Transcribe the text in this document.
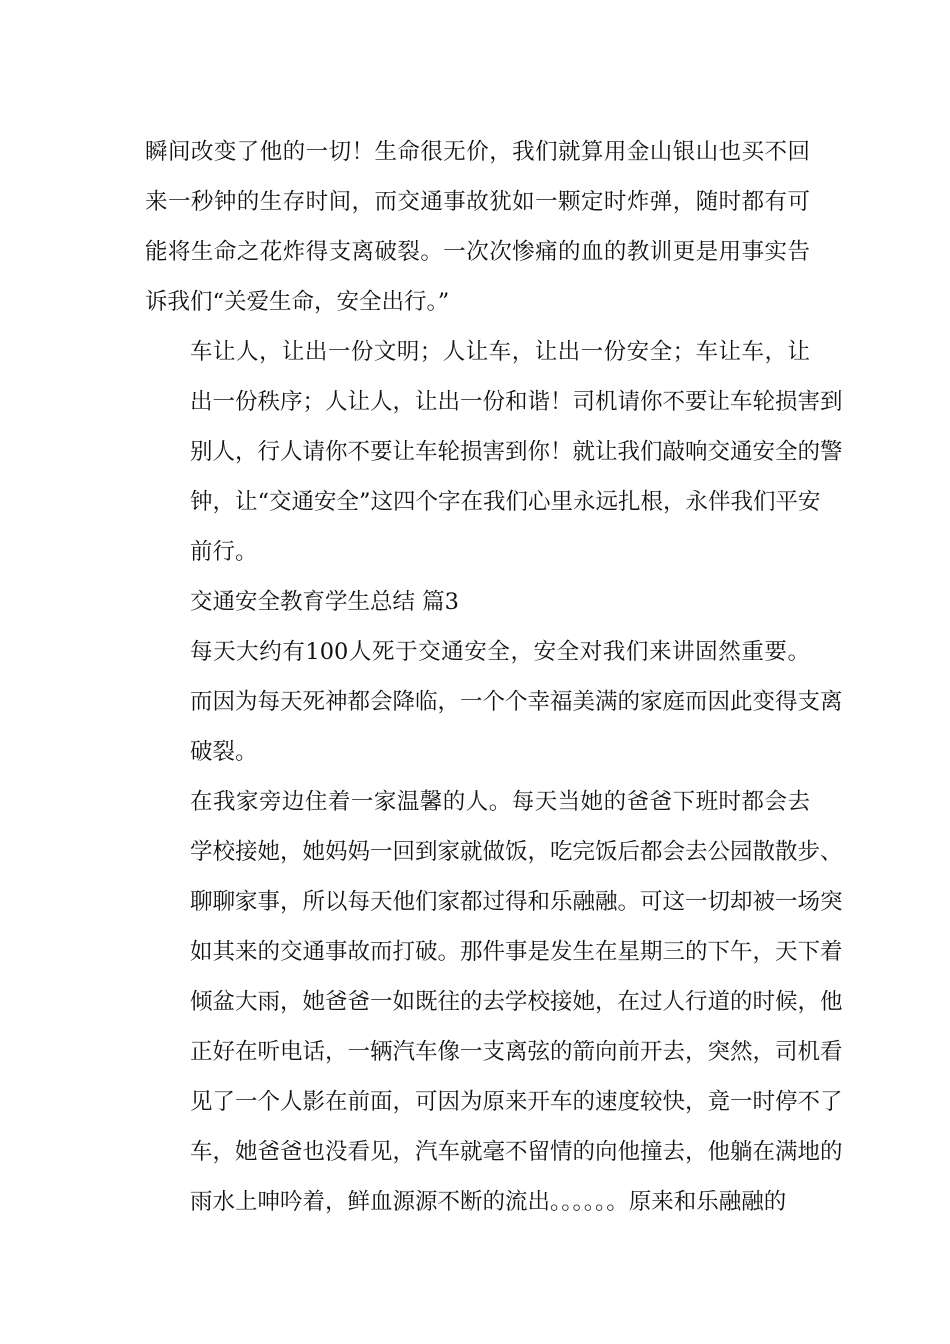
瞬间改变了他的一切！生命很无价，我们就算用金山银山也买不回
来一秒钟的生存时间，而交通事故犹如一颗定时炸弹，随时都有可
能将生命之花炸得支离破裂。一次次惨痛的血的教训更是用事实告
诉我们“关爱生命，安全出行。”
车让人，让出一份文明；人让车，让出一份安全；车让车，让
出一份秩序；人让人，让出一份和谐！司机请你不要让车轮损害到
别人，行人请你不要让车轮损害到你！就让我们敲响交通安全的警
钟，让“交通安全”这四个字在我们心里永远扎根，永伴我们平安
前行。
交通安全教育学生总结 篇3
每天大约有100人死于交通安全，安全对我们来讲固然重要。
而因为每天死神都会降临，一个个幸福美满的家庭而因此变得支离
破裂。
在我家旁边住着一家温馨的人。每天当她的爸爸下班时都会去
学校接她，她妈妈一回到家就做饭，吃完饭后都会去公园散散步、
聊聊家事，所以每天他们家都过得和乐融融。可这一切却被一场突
如其来的交通事故而打破。那件事是发生在星期三的下午，天下着
倾盆大雨，她爸爸一如既往的去学校接她，在过人行道的时候，他
正好在听电话，一辆汽车像一支离弦的箭向前开去，突然，司机看
见了一个人影在前面，可因为原来开车的速度较快，竟一时停不了
车，她爸爸也没看见，汽车就毫不留情的向他撞去，他躺在满地的
雨水上呻吟着，鲜血源源不断的流出。。。。。。原来和乐融融的
